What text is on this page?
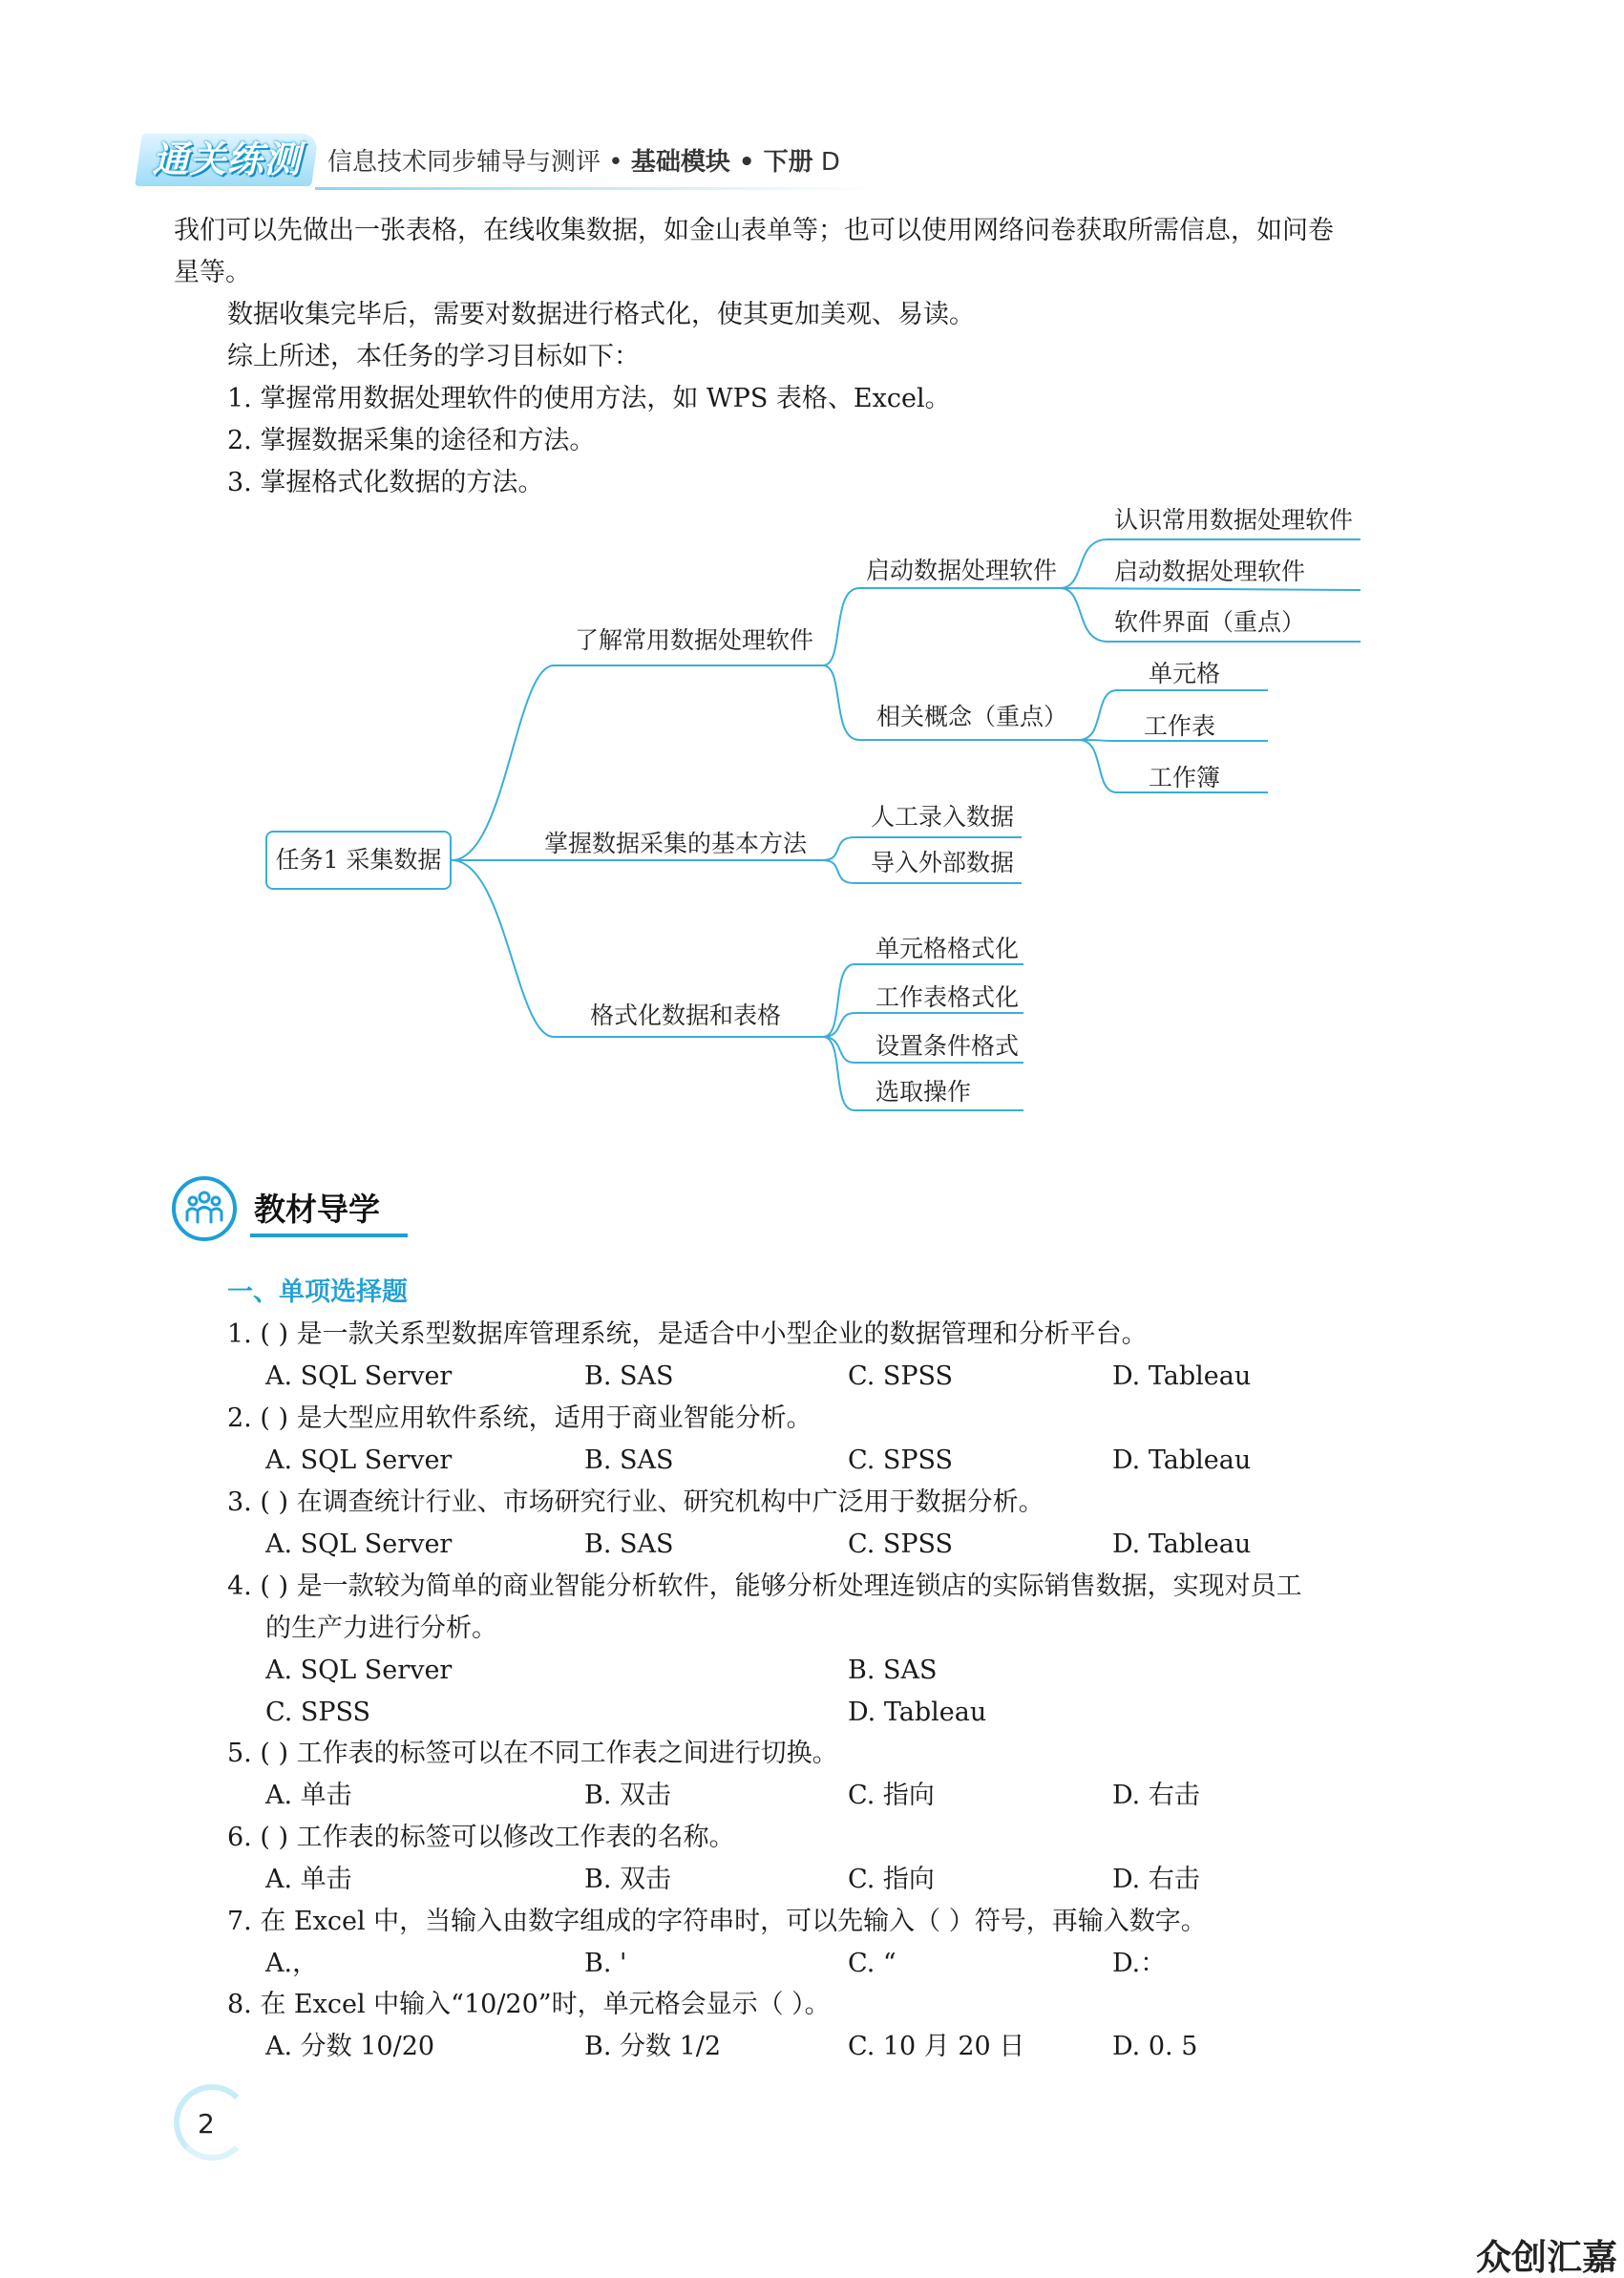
通关练测	信息技术同步辅导与测评 • 基础模块 • 下册 D
我们可以先做出一张表格，在线收集数据，如金山表单等；也可以使用网络问卷获取所需信息，如问卷
星等。
数据收集完毕后，需要对数据进行格式化，使其更加美观、易读。
综上所述，本任务的学习目标如下：
1. 掌握常用数据处理软件的使用方法，如 WPS 表格、Excel。
2. 掌握数据采集的途径和方法。
3. 掌握格式化数据的方法。
任务1 采集数据
了解常用数据处理软件
掌握数据采集的基本方法
格式化数据和表格
启动数据处理软件
相关概念（重点）
认识常用数据处理软件
启动数据处理软件
软件界面（重点）
单元格
工作表
工作簿
人工录入数据
导入外部数据
单元格格式化
工作表格式化
设置条件格式
选取操作
教材导学
一、单项选择题
1. ( ) 是一款关系型数据库管理系统，是适合中小型企业的数据管理和分析平台。
A. SQL Server	B. SAS	C. SPSS	D. Tableau
2. ( ) 是大型应用软件系统，适用于商业智能分析。
A. SQL Server	B. SAS	C. SPSS	D. Tableau
3. ( ) 在调查统计行业、市场研究行业、研究机构中广泛用于数据分析。
A. SQL Server	B. SAS	C. SPSS	D. Tableau
4. ( ) 是一款较为简单的商业智能分析软件，能够分析处理连锁店的实际销售数据，实现对员工
的生产力进行分析。
A. SQL Server	B. SAS
C. SPSS	D. Tableau
5. ( ) 工作表的标签可以在不同工作表之间进行切换。
A. 单击	B. 双击	C. 指向	D. 右击
6. ( ) 工作表的标签可以修改工作表的名称。
A. 单击	B. 双击	C. 指向	D. 右击
7. 在 Excel 中，当输入由数字组成的字符串时，可以先输入（ ）符号，再输入数字。
A.，	B. '	C. “	D.：
8. 在 Excel 中输入“10/20”时，单元格会显示（ ）。
A. 分数 10/20	B. 分数 1/2	C. 10 月 20 日	D. 0. 5
2
众创汇嘉
